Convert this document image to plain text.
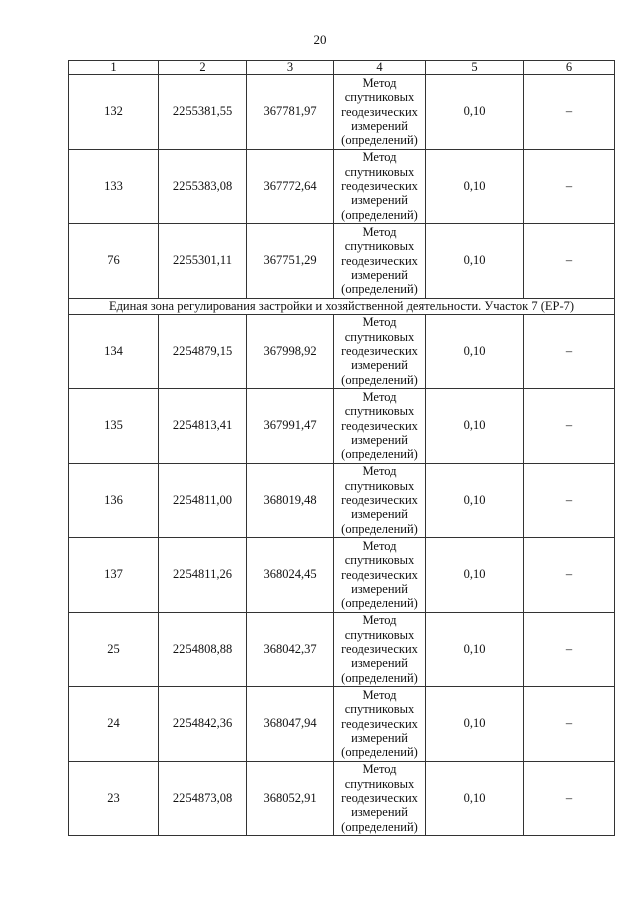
20
1	2	3	4	5	6
132	2255381,55	367781,97	Метод
спутниковых
геодезических
измерений
(определений)	0,10	–
133	2255383,08	367772,64	Метод
спутниковых
геодезических
измерений
(определений)	0,10	–
76	2255301,11	367751,29	Метод
спутниковых
геодезических
измерений
(определений)	0,10	–
Единая зона регулирования застройки и хозяйственной деятельности. Участок 7 (ЕР-7)					
134	2254879,15	367998,92	Метод
спутниковых
геодезических
измерений
(определений)	0,10	–
135	2254813,41	367991,47	Метод
спутниковых
геодезических
измерений
(определений)	0,10	–
136	2254811,00	368019,48	Метод
спутниковых
геодезических
измерений
(определений)	0,10	–
137	2254811,26	368024,45	Метод
спутниковых
геодезических
измерений
(определений)	0,10	–
25	2254808,88	368042,37	Метод
спутниковых
геодезических
измерений
(определений)	0,10	–
24	2254842,36	368047,94	Метод
спутниковых
геодезических
измерений
(определений)	0,10	–
23	2254873,08	368052,91	Метод
спутниковых
геодезических
измерений
(определений)	0,10	–
